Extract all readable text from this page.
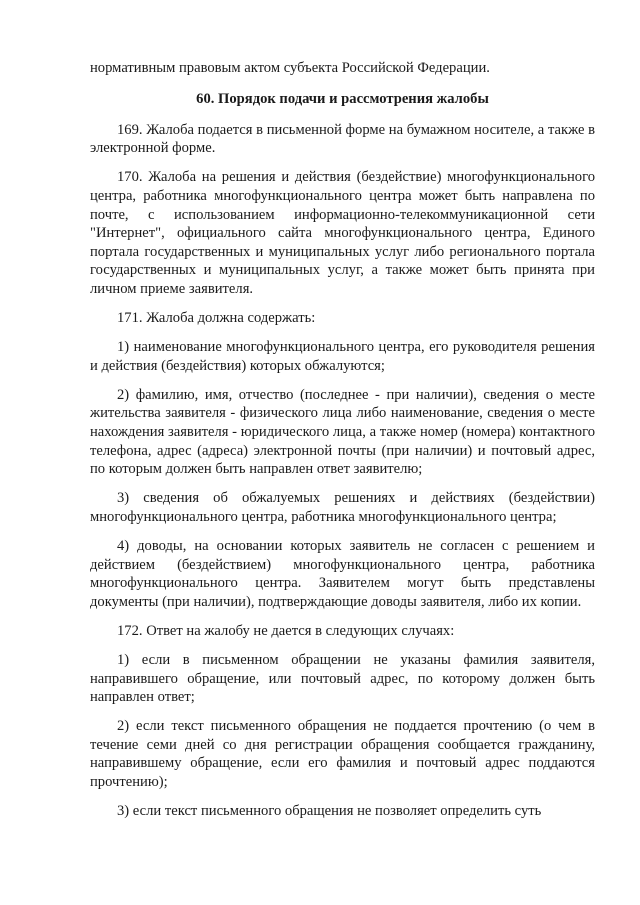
нормативным правовым актом субъекта Российской Федерации.

60. Порядок подачи и рассмотрения жалобы

169. Жалоба подается в письменной форме на бумажном носителе, а также в электронной форме.

170. Жалоба на решения и действия (бездействие) многофункционального центра, работника многофункционального центра может быть направлена по почте, с использованием информационно-телекоммуникационной сети "Интернет", официального сайта многофункционального центра, Единого портала государственных и муниципальных услуг либо регионального портала государственных и муниципальных услуг, а также может быть принята при личном приеме заявителя.

171. Жалоба должна содержать:

1) наименование многофункционального центра, его руководителя решения и действия (бездействия) которых обжалуются;

2) фамилию, имя, отчество (последнее - при наличии), сведения о месте жительства заявителя - физического лица либо наименование, сведения о месте нахождения заявителя - юридического лица, а также номер (номера) контактного телефона, адрес (адреса) электронной почты (при наличии) и почтовый адрес, по которым должен быть направлен ответ заявителю;

3) сведения об обжалуемых решениях и действиях (бездействии) многофункционального центра, работника многофункционального центра;

4) доводы, на основании которых заявитель не согласен с решением и действием (бездействием) многофункционального центра, работника многофункционального центра. Заявителем могут быть представлены документы (при наличии), подтверждающие доводы заявителя, либо их копии.

172. Ответ на жалобу не дается в следующих случаях:

1) если в письменном обращении не указаны фамилия заявителя, направившего обращение, или почтовый адрес, по которому должен быть направлен ответ;

2) если текст письменного обращения не поддается прочтению (о чем в течение семи дней со дня регистрации обращения сообщается гражданину, направившему обращение, если его фамилия и почтовый адрес поддаются прочтению);

3) если текст письменного обращения не позволяет определить суть
